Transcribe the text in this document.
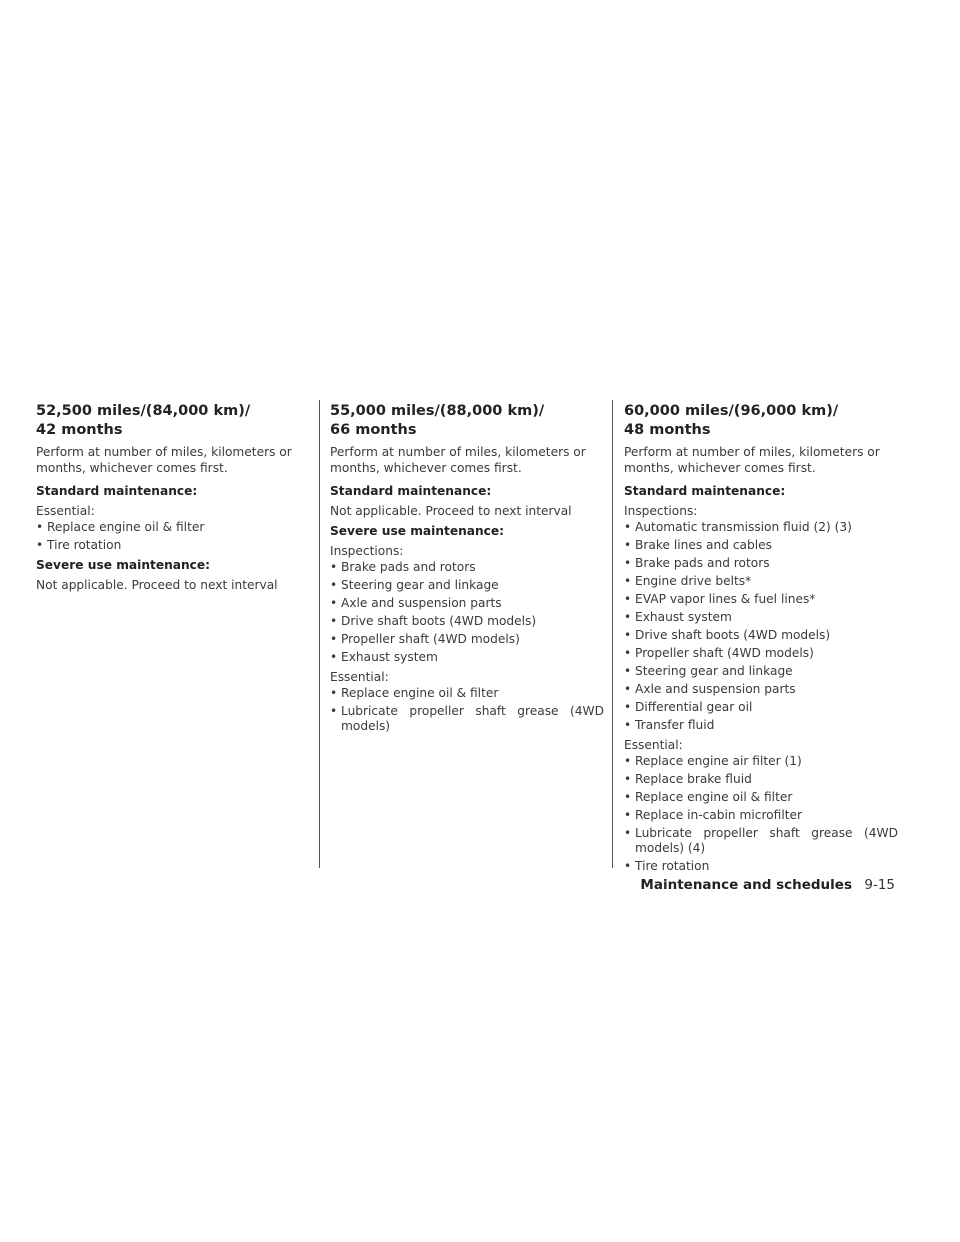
52,500 miles/(84,000 km)/
42 months

Perform at number of miles, kilometers or months, whichever comes first.

Standard maintenance:

Essential:

• Replace engine oil & filter
• Tire rotation

Severe use maintenance:

Not applicable. Proceed to next interval

55,000 miles/(88,000 km)/
66 months

Perform at number of miles, kilometers or months, whichever comes first.

Standard maintenance:

Not applicable. Proceed to next interval

Severe use maintenance:

Inspections:

• Brake pads and rotors
• Steering gear and linkage
• Axle and suspension parts
• Drive shaft boots (4WD models)
• Propeller shaft (4WD models)
• Exhaust system

Essential:

• Replace engine oil & filter
• Lubricate propeller shaft grease (4WD models)
60,000 miles/(96,000 km)/
48 months

Perform at number of miles, kilometers or months, whichever comes first.

Standard maintenance:

Inspections:

• Automatic transmission fluid (2) (3)
• Brake lines and cables
• Brake pads and rotors
• Engine drive belts*
• EVAP vapor lines & fuel lines*
• Exhaust system
• Drive shaft boots (4WD models)
• Propeller shaft (4WD models)
• Steering gear and linkage
• Axle and suspension parts
• Differential gear oil
• Transfer fluid

Essential:

• Replace engine air filter (1)
• Replace brake fluid
• Replace engine oil & filter
• Replace in-cabin microfilter
• Lubricate propeller shaft grease (4WD models) (4)
• Tire rotation
Maintenance and schedules 9-15
